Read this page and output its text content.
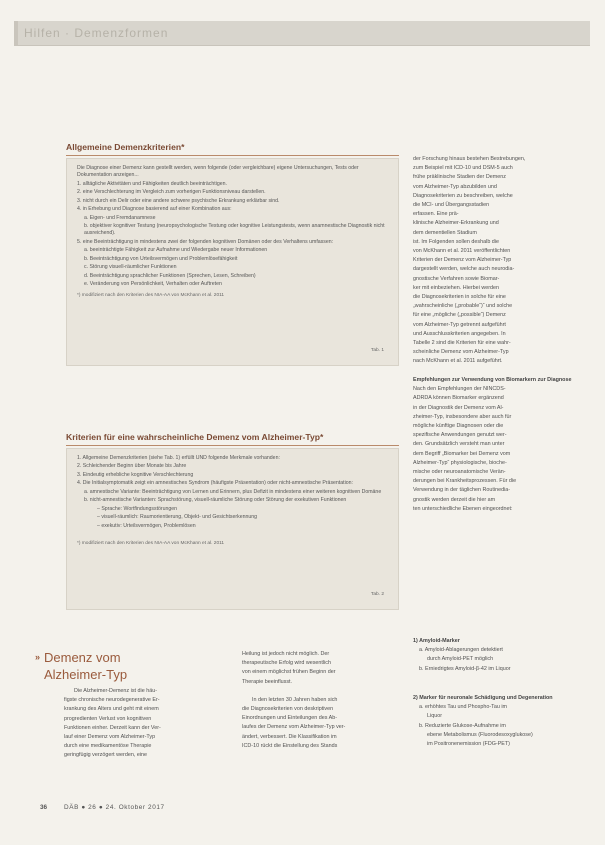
Hilfen · Demenzformen
Allgemeine Demenzkriterien*

Die Diagnose einer Demenz kann gestellt werden, wenn folgende (oder vergleichbare) eigene Untersuchungen, Tests oder Dokumentation anzeigen...

1. alltägliche Aktivitäten und Fähigkeiten deutlich beeinträchtigen.

2. eine Verschlechterung im Vergleich zum vorherigen Funktionsniveau darstellen.

3. nicht durch ein Delir oder eine andere schwere psychische Erkrankung erklärbar sind.

4. in Erhebung und Diagnose basierend auf einer Kombination aus:

a. Eigen- und Fremdanamnese

b. objektiver kognitiver Testung (neuropsychologische Testung oder kognitive Leistungstests, wenn anamnestische Diagnostik nicht ausreichend).

5. eine Beeinträchtigung in mindestens zwei der folgenden kognitiven Domänen oder des Verhaltens umfassen:

a. beeinträchtigte Fähigkeit zur Aufnahme und Wiedergabe neuer Informationen

b. Beeinträchtigung von Urteilsvermögen und Problemlösefähigkeit

c. Störung visuell-räumlicher Funktionen

d. Beeinträchtigung sprachlicher Funktionen (Sprechen, Lesen, Schreiben)

e. Veränderung von Persönlichkeit, Verhalten oder Auftreten

Tab. 1

*) modifiziert nach den Kriterien des NIA-AA von McKhann et al. 2011

Kriterien für eine wahrscheinliche Demenz vom Alzheimer-Typ*

1. Allgemeine Demenzkriterien (siehe Tab. 1) erfüllt UND folgende Merkmale vorhanden:

2. Schleichender Beginn über Monate bis Jahre

3. Eindeutig erhebliche kognitive Verschlechterung

4. Die Initialsymptomatik zeigt ein amnestisches Syndrom (häufigste Präsentation) oder nicht-amnestische Präsentation:

a. amnestische Variante: Beeinträchtigung von Lernen und Erinnern, plus Defizit in mindestens einer weiteren kognitiven Domäne

b. nicht-amnestische Varianten: Sprachstörung, visuell-räumliche Störung oder Störung der exekutiven Funktionen

– Sprache: Wortfindungsstörungen

– visuell-räumlich: Raumorientierung, Objekt- und Gesichtserkennung

– exekutiv: Urteilsvermögen, Problemlösen

Tab. 2

*) modifiziert nach den Kriterien des NIA-AA von McKhann et al. 2011

der Forschung hinaus bestehen Bestrebungen,

zum Beispiel mit ICD-10 und DSM-5 auch

frühe präklinische Stadien der Demenz

vom Alzheimer-Typ abzubilden und

Diagnosekriterien zu beschreiben, welche

die MCI- und Übergangsstadien

erfassen. Eine prä-

klinische Alzheimer-Erkrankung und

dem dementiellen Stadium

ist. Im Folgenden sollen deshalb die

von McKhann et al. 2011 veröffentlichten

Kriterien der Demenz vom Alzheimer-Typ

dargestellt werden, welche auch neurodia-

gnostische Verfahren sowie Biomar-

ker mit einbeziehen. Hierbei werden

die Diagnosekriterien in solche für eine

„wahrscheinliche („probable“)“ und solche

für eine „mögliche („possible“) Demenz

vom Alzheimer-Typ getrennt aufgeführt

und Ausschlusskriterien angegeben. In

Tabelle 2 sind die Kriterien für eine wahr-

scheinliche Demenz vom Alzheimer-Typ

nach McKhann et al. 2011 aufgeführt.

Empfehlungen zur Verwendung von Biomarkern zur Diagnose

Nach den Empfehlungen der NINCDS-

ADRDA können Biomarker ergänzend

in der Diagnostik der Demenz vom Al-

zheimer-Typ, insbesondere aber auch für

mögliche künftige Diagnosen oder die

spezifische Anwendungen genutzt wer-

den. Grundsätzlich versteht man unter

dem Begriff „Biomarker bei Demenz vom

Alzheimer-Typ“ physiologische, bioche-

mische oder neuroanatomische Verän-

derungen bei Krankheitsprozessen. Für die

Verwendung in der täglichen Routinedia-

gnostik werden derzeit die hier am

ten unterschiedliche Ebenen eingeordnet:

1) Amyloid-Marker

a. Amyloid-Ablagerungen detektiert

durch Amyloid-PET möglich

b. Erniedrigtes Amyloid-β-42 im Liquor

2) Marker für neuronale Schädigung und Degeneration

a. erhöhtes Tau und Phospho-Tau im

Liquor

b. Reduzierte Glukose-Aufnahme im

ebene Metabolismus (Fluorodesoxyglukose)

im Positronenemission (FDG-PET)

» Demenz vom
Alzheimer-Typ

Die Alzheimer-Demenz ist die häu-

figste chronische neurodegenerative Er-

krankung des Alters und geht mit einem

progredienten Verlust von kognitiven

Funktionen einher. Derzeit kann der Ver-

lauf einer Demenz vom Alzheimer-Typ

durch eine medikamentöse Therapie

geringfügig verzögert werden, eine

Heilung ist jedoch nicht möglich. Der

therapeutische Erfolg wird wesentlich

von einem möglichst frühen Beginn der

Therapie beeinflusst.

In den letzten 30 Jahren haben sich

die Diagnosekriterien von deskriptiven

Einordnungen und Einteilungen des Ab-

laufes der Demenz vom Alzheimer-Typ ver-

ändert, verbessert. Die Klassifikation im

ICD-10 rückt die Einstellung des Stands

36	DÄB ● 26 ● 24. Oktober 2017
